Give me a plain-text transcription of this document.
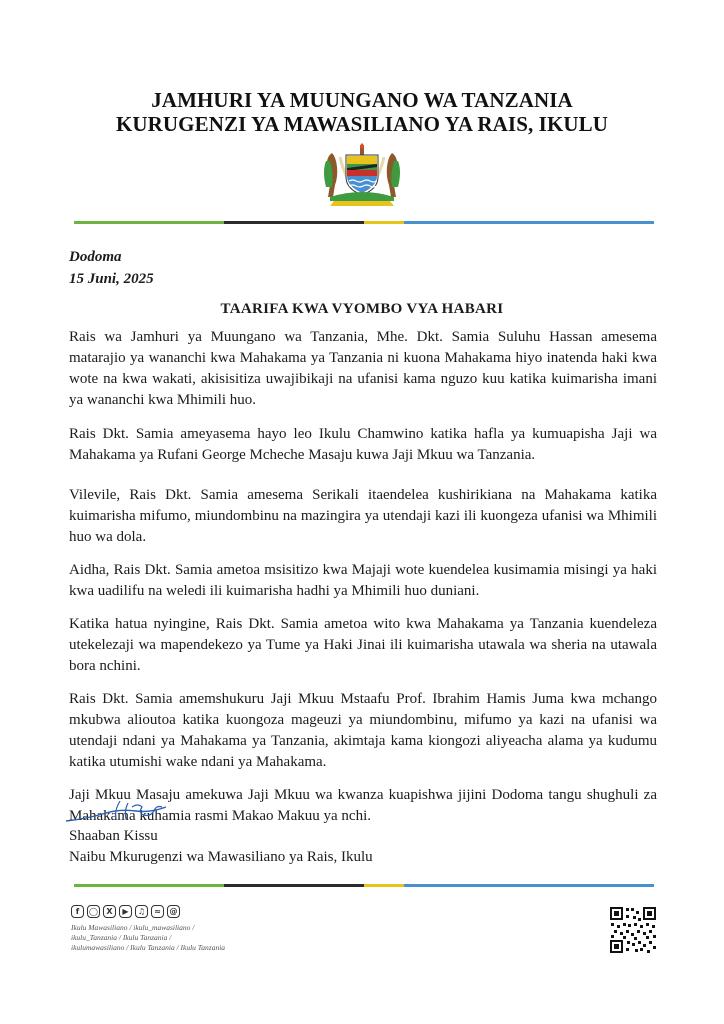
JAMHURI YA MUUNGANO WA TANZANIA
KURUGENZI YA MAWASILIANO YA RAIS, IKULU
Dodoma
15 Juni, 2025
TAARIFA KWA VYOMBO VYA HABARI

Rais wa Jamhuri ya Muungano wa Tanzania, Mhe. Dkt. Samia Suluhu Hassan amesema matarajio ya wananchi kwa Mahakama ya Tanzania ni kuona Mahakama hiyo inatenda haki kwa wote na kwa wakati, akisisitiza uwajibikaji na ufanisi kama nguzo kuu katika kuimarisha imani ya wananchi kwa Mhimili huo.

Rais Dkt. Samia ameyasema hayo leo Ikulu Chamwino katika hafla ya kumuapisha Jaji wa Mahakama ya Rufani George Mcheche Masaju kuwa Jaji Mkuu wa Tanzania.

Vilevile, Rais Dkt. Samia amesema Serikali itaendelea kushirikiana na Mahakama katika kuimarisha mifumo, miundombinu na mazingira ya utendaji kazi ili kuongeza ufanisi wa Mhimili huo wa dola.

Aidha, Rais Dkt. Samia ametoa msisitizo kwa Majaji wote kuendelea kusimamia misingi ya haki kwa uadilifu na weledi ili kuimarisha hadhi ya Mhimili huo duniani.

Katika hatua nyingine, Rais Dkt. Samia ametoa wito kwa Mahakama ya Tanzania kuendeleza utekelezaji wa mapendekezo ya Tume ya Haki Jinai ili kuimarisha utawala wa sheria na utawala bora nchini.

Rais Dkt. Samia amemshukuru Jaji Mkuu Mstaafu Prof. Ibrahim Hamis Juma kwa mchango mkubwa alioutoa katika kuongoza mageuzi ya miundombinu, mifumo ya kazi na ufanisi wa utendaji ndani ya Mahakama ya Tanzania, akimtaja kama kiongozi aliyeacha alama ya kudumu katika utumishi wake ndani ya Mahakama.

Jaji Mkuu Masaju amekuwa Jaji Mkuu wa kwanza kuapishwa jijini Dodoma tangu shughuli za Mahakama kuhamia rasmi Makao Makuu ya nchi.

Shaaban Kissu
Naibu Mkurugenzi wa Mawasiliano ya Rais, Ikulu
f	◯	X	▶	♫	≈	@
Ikulu Mawasiliano / ikulu_mawasiliano /
ikulu_Tanzania / Ikulu Tanzania /
ikulumawasiliano / Ikulu Tanzania / Ikulu Tanzania
